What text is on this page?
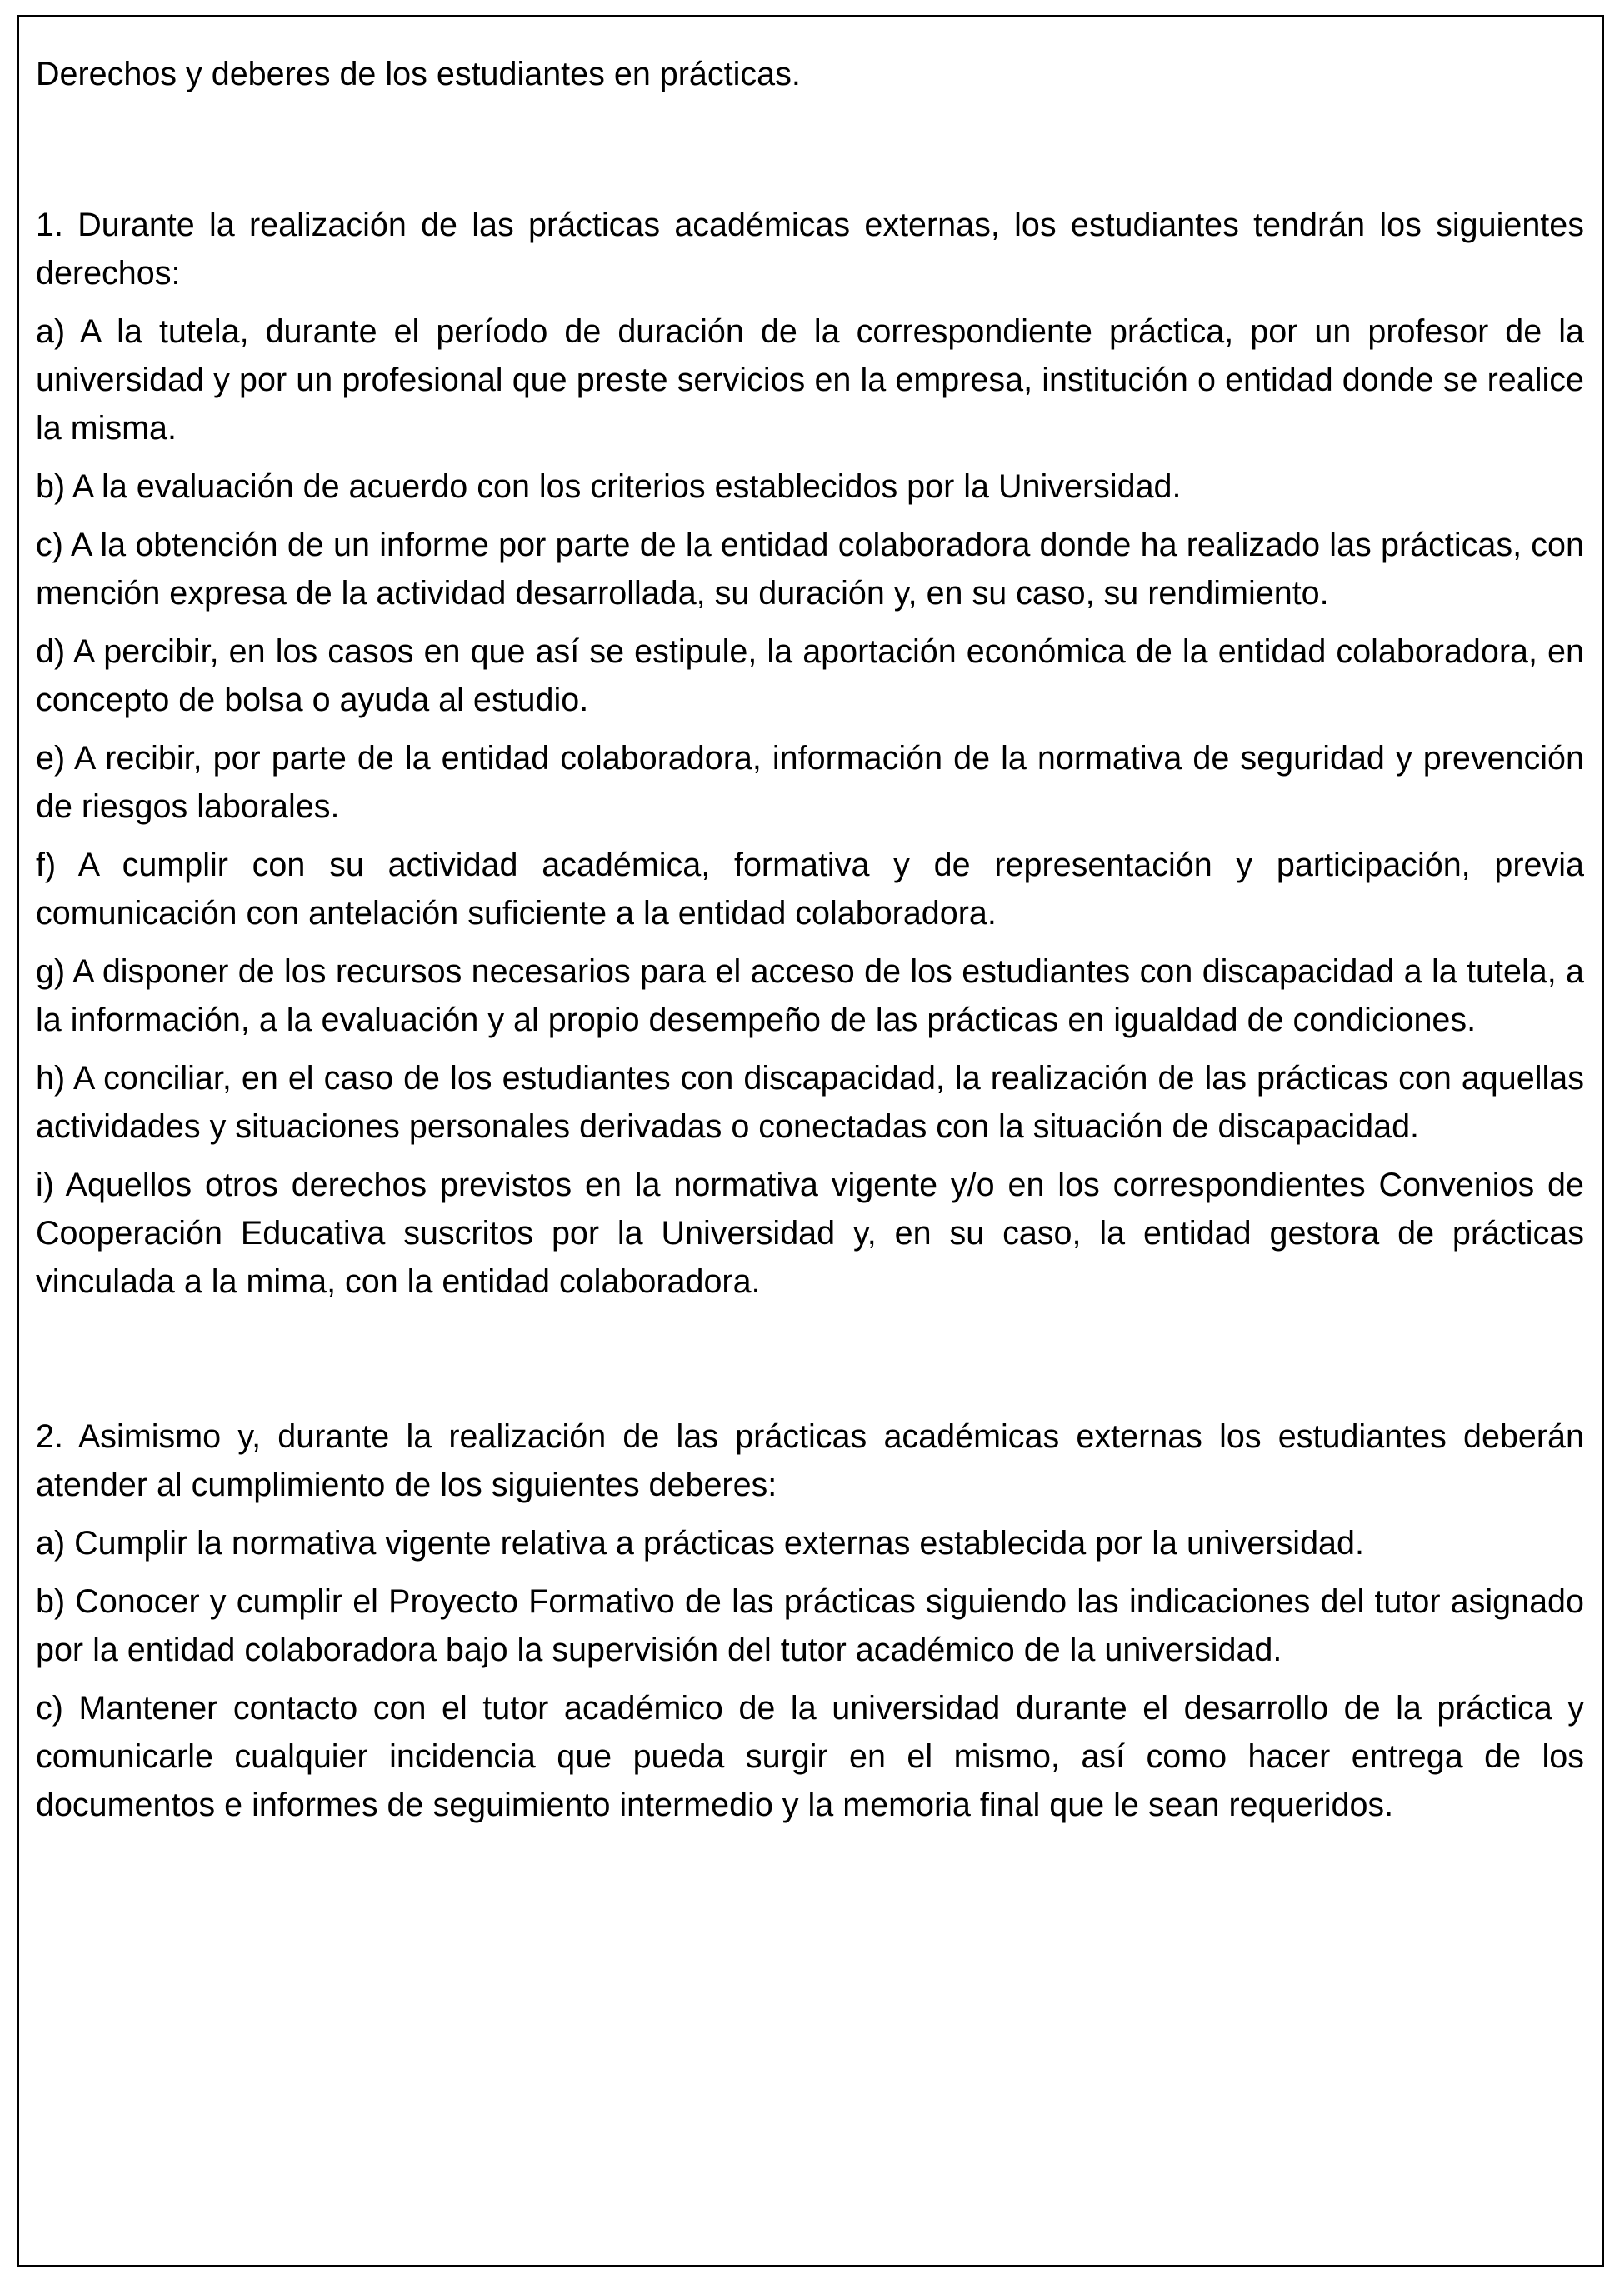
Derechos y deberes de los estudiantes en prácticas.

1. Durante la realización de las prácticas académicas externas, los estudiantes tendrán los siguientes derechos:

a) A la tutela, durante el período de duración de la correspondiente práctica, por un profesor de la universidad y por un profesional que preste servicios en la empresa, institución o entidad donde se realice la misma.

b) A la evaluación de acuerdo con los criterios establecidos por la Universidad.

c) A la obtención de un informe por parte de la entidad colaboradora donde ha realizado las prácticas, con mención expresa de la actividad desarrollada, su duración y, en su caso, su rendimiento.

d) A percibir, en los casos en que así se estipule, la aportación económica de la entidad colaboradora, en concepto de bolsa o ayuda al estudio.

e) A recibir, por parte de la entidad colaboradora, información de la normativa de seguridad y prevención de riesgos laborales.

f) A cumplir con su actividad académica, formativa y de representación y participación, previa comunicación con antelación suficiente a la entidad colaboradora.

g) A disponer de los recursos necesarios para el acceso de los estudiantes con discapacidad a la tutela, a la información, a la evaluación y al propio desempeño de las prácticas en igualdad de condiciones.

h) A conciliar, en el caso de los estudiantes con discapacidad, la realización de las prácticas con aquellas actividades y situaciones personales derivadas o conectadas con la situación de discapacidad.

i) Aquellos otros derechos previstos en la normativa vigente y/o en los correspondientes Convenios de Cooperación Educativa suscritos por la Universidad y, en su caso, la entidad gestora de prácticas vinculada a la mima, con la entidad colaboradora.

2. Asimismo y, durante la realización de las prácticas académicas externas los estudiantes deberán atender al cumplimiento de los siguientes deberes:

a) Cumplir la normativa vigente relativa a prácticas externas establecida por la universidad.

b) Conocer y cumplir el Proyecto Formativo de las prácticas siguiendo las indicaciones del tutor asignado por la entidad colaboradora bajo la supervisión del tutor académico de la universidad.

c) Mantener contacto con el tutor académico de la universidad durante el desarrollo de la práctica y comunicarle cualquier incidencia que pueda surgir en el mismo, así como hacer entrega de los documentos e informes de seguimiento intermedio y la memoria final que le sean requeridos.
